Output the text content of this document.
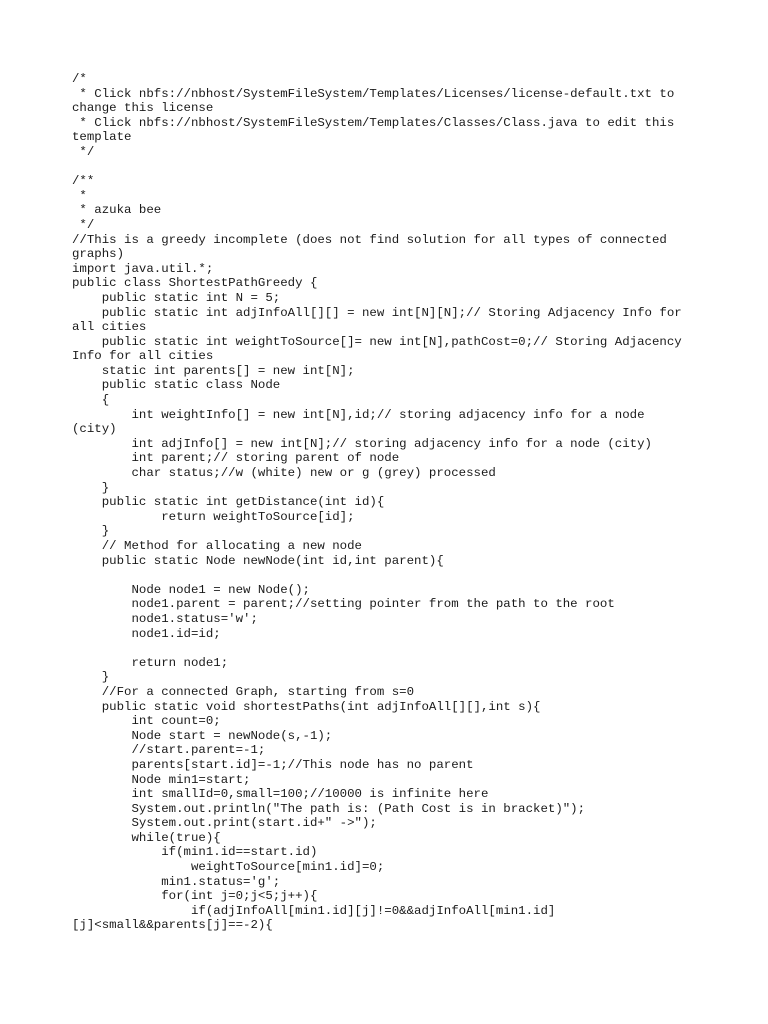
/*
* Click nbfs://nbhost/SystemFileSystem/Templates/Licenses/license-default.txt to
change this license
* Click nbfs://nbhost/SystemFileSystem/Templates/Classes/Class.java to edit this
template
*/
/**
*
* azuka bee
*/
//This is a greedy incomplete (does not find solution for all types of connected
graphs)
import java.util.*;
public class ShortestPathGreedy {
public static int N = 5;
public static int adjInfoAll[][] = new int[N][N];// Storing Adjacency Info for
all cities
public static int weightToSource[]= new int[N],pathCost=0;// Storing Adjacency
Info for all cities
static int parents[] = new int[N];
public static class Node
{
int weightInfo[] = new int[N],id;// storing adjacency info for a node
(city)
int adjInfo[] = new int[N];// storing adjacency info for a node (city)
int parent;// storing parent of node
char status;//w (white) new or g (grey) processed
}
public static int getDistance(int id){
return weightToSource[id];
}
// Method for allocating a new node
public static Node newNode(int id,int parent){
Node node1 = new Node();
node1.parent = parent;//setting pointer from the path to the root
node1.status='w';
node1.id=id;
return node1;
}
//For a connected Graph, starting from s=0
public static void shortestPaths(int adjInfoAll[][],int s){
int count=0;
Node start = newNode(s,-1);
//start.parent=-1;
parents[start.id]=-1;//This node has no parent
Node min1=start;
int smallId=0,small=100;//10000 is infinite here
System.out.println("The path is: (Path Cost is in bracket)");
System.out.print(start.id+" ->");
while(true){
if(min1.id==start.id)
weightToSource[min1.id]=0;
min1.status='g';
for(int j=0;j<5;j++){
if(adjInfoAll[min1.id][j]!=0&&adjInfoAll[min1.id]
[j]<small&&parents[j]==-2){
